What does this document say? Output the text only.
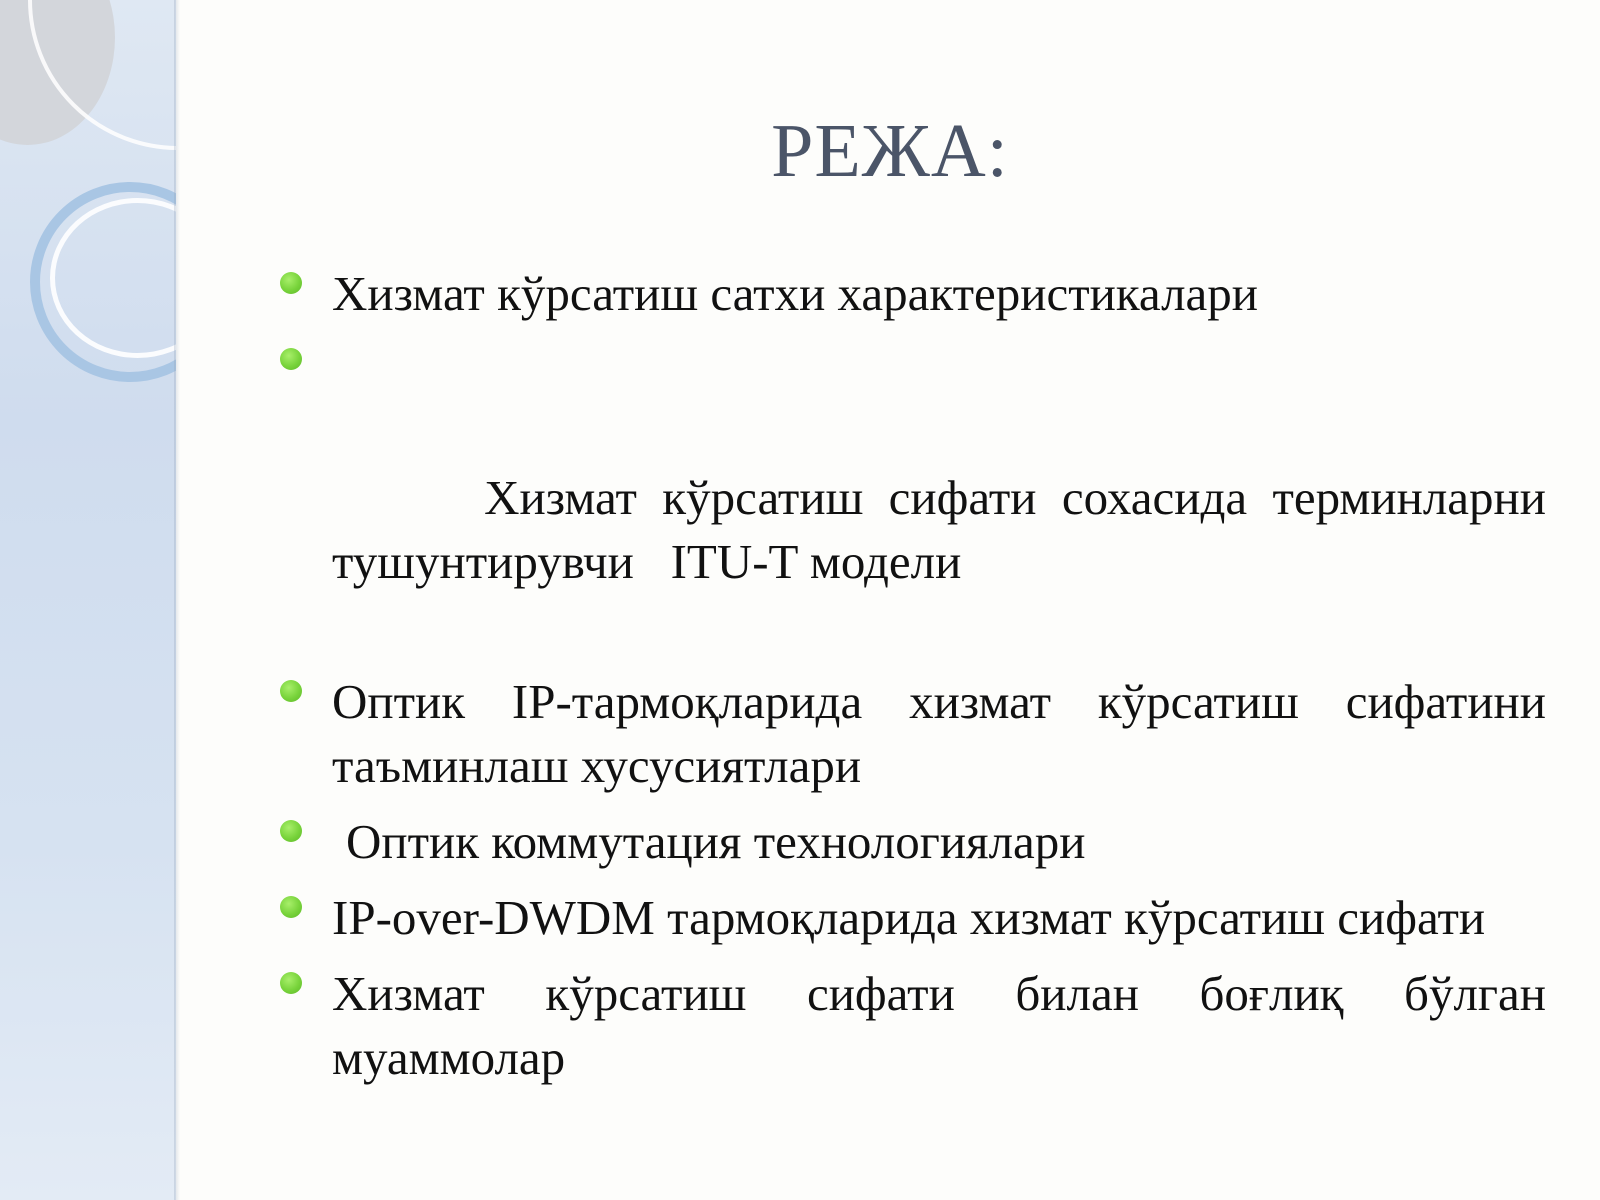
РЕЖА:
Хизмат кўрсатиш сатхи характеристикалари

Хизмат кўрсатиш сифати сохасида терминларни тушунтирувчи   ITU-T модели

Оптик IP-тармоқларида хизмат кўрсатиш сифатини таъминлаш хусусиятлари
Оптик коммутация технологиялари
IP-over-DWDM тармоқларида хизмат кўрсатиш сифати
Хизмат кўрсатиш сифати билан боғлиқ бўлган муаммолар
